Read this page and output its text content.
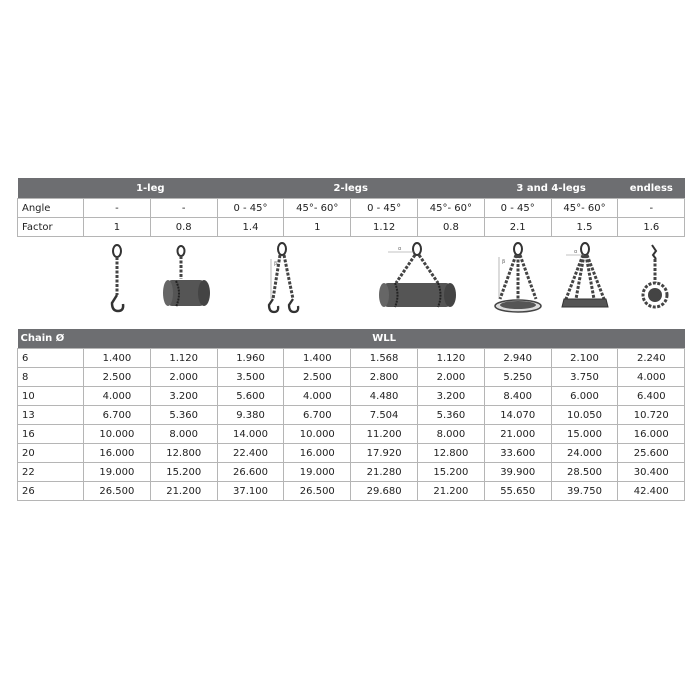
	1-leg		2-legs				3 and 4-legs		endless
Angle	-	-	0 - 45°	45°- 60°	0 - 45°	45°- 60°	0 - 45°	45°- 60°	-
Factor	1	0.8	1.4	1	1.12	0.8	2.1	1.5	1.6

β
α
β
α									

Chain Ø	WLL								
6	1.400	1.120	1.960	1.400	1.568	1.120	2.940	2.100	2.240
8	2.500	2.000	3.500	2.500	2.800	2.000	5.250	3.750	4.000
10	4.000	3.200	5.600	4.000	4.480	3.200	8.400	6.000	6.400
13	6.700	5.360	9.380	6.700	7.504	5.360	14.070	10.050	10.720
16	10.000	8.000	14.000	10.000	11.200	8.000	21.000	15.000	16.000
20	16.000	12.800	22.400	16.000	17.920	12.800	33.600	24.000	25.600
22	19.000	15.200	26.600	19.000	21.280	15.200	39.900	28.500	30.400
26	26.500	21.200	37.100	26.500	29.680	21.200	55.650	39.750	42.400
